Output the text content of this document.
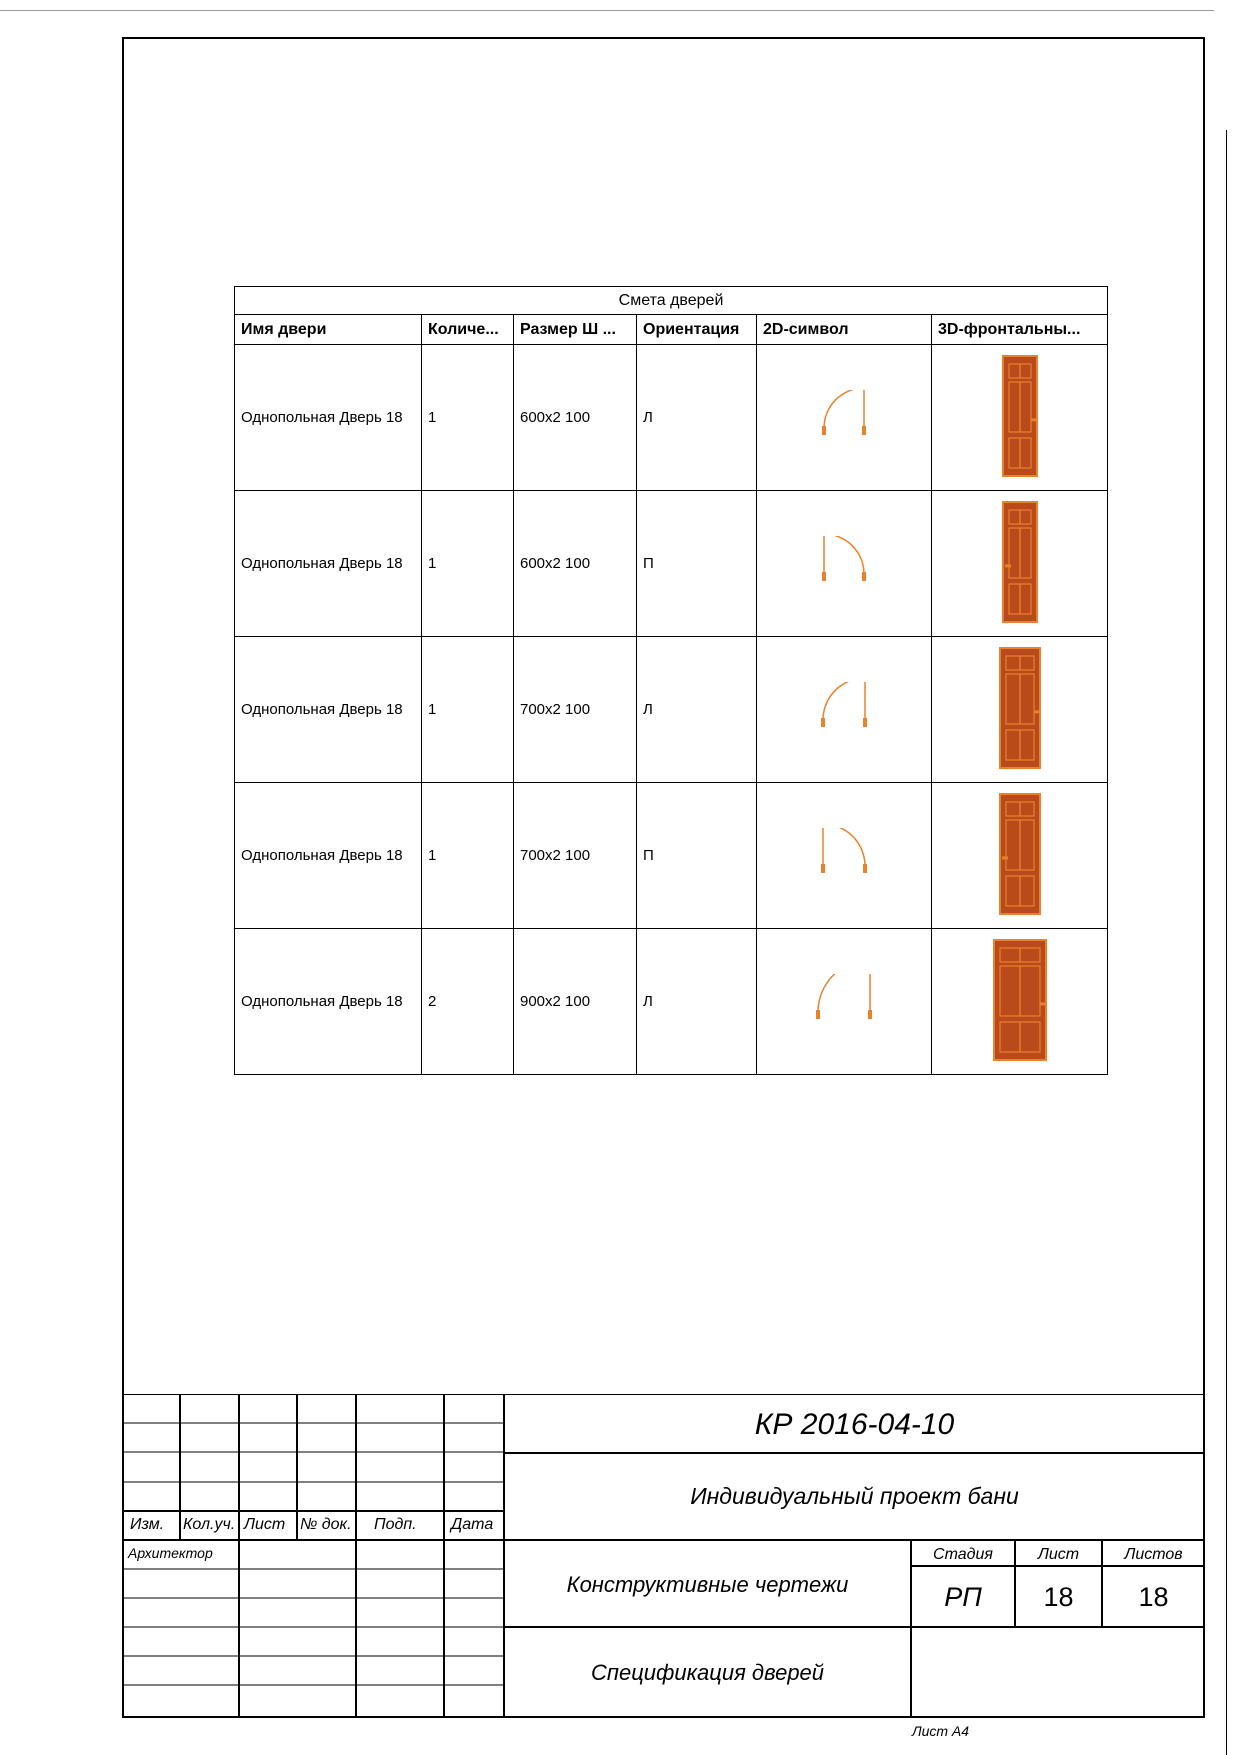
Смета дверей					
Имя двери	Количе...	Размер Ш ...	Ориентация	2D-символ	3D-фронтальны...
Однопольная Дверь 18	1	600x2 100	Л		
Однопольная Дверь 18	1	600x2 100	П		
Однопольная Дверь 18	1	700x2 100	Л		
Однопольная Дверь 18	1	700x2 100	П		
Однопольная Дверь 18	2	900x2 100	Л		
Изм. Кол.уч. Лист № док. Подп. Дата
Архитектор
КР 2016-04-10
Индивидуальный проект бани
Конструктивные чертежи
Спецификация дверей
Стадия	Лист	Листов
РП	18	18
Лист А4
